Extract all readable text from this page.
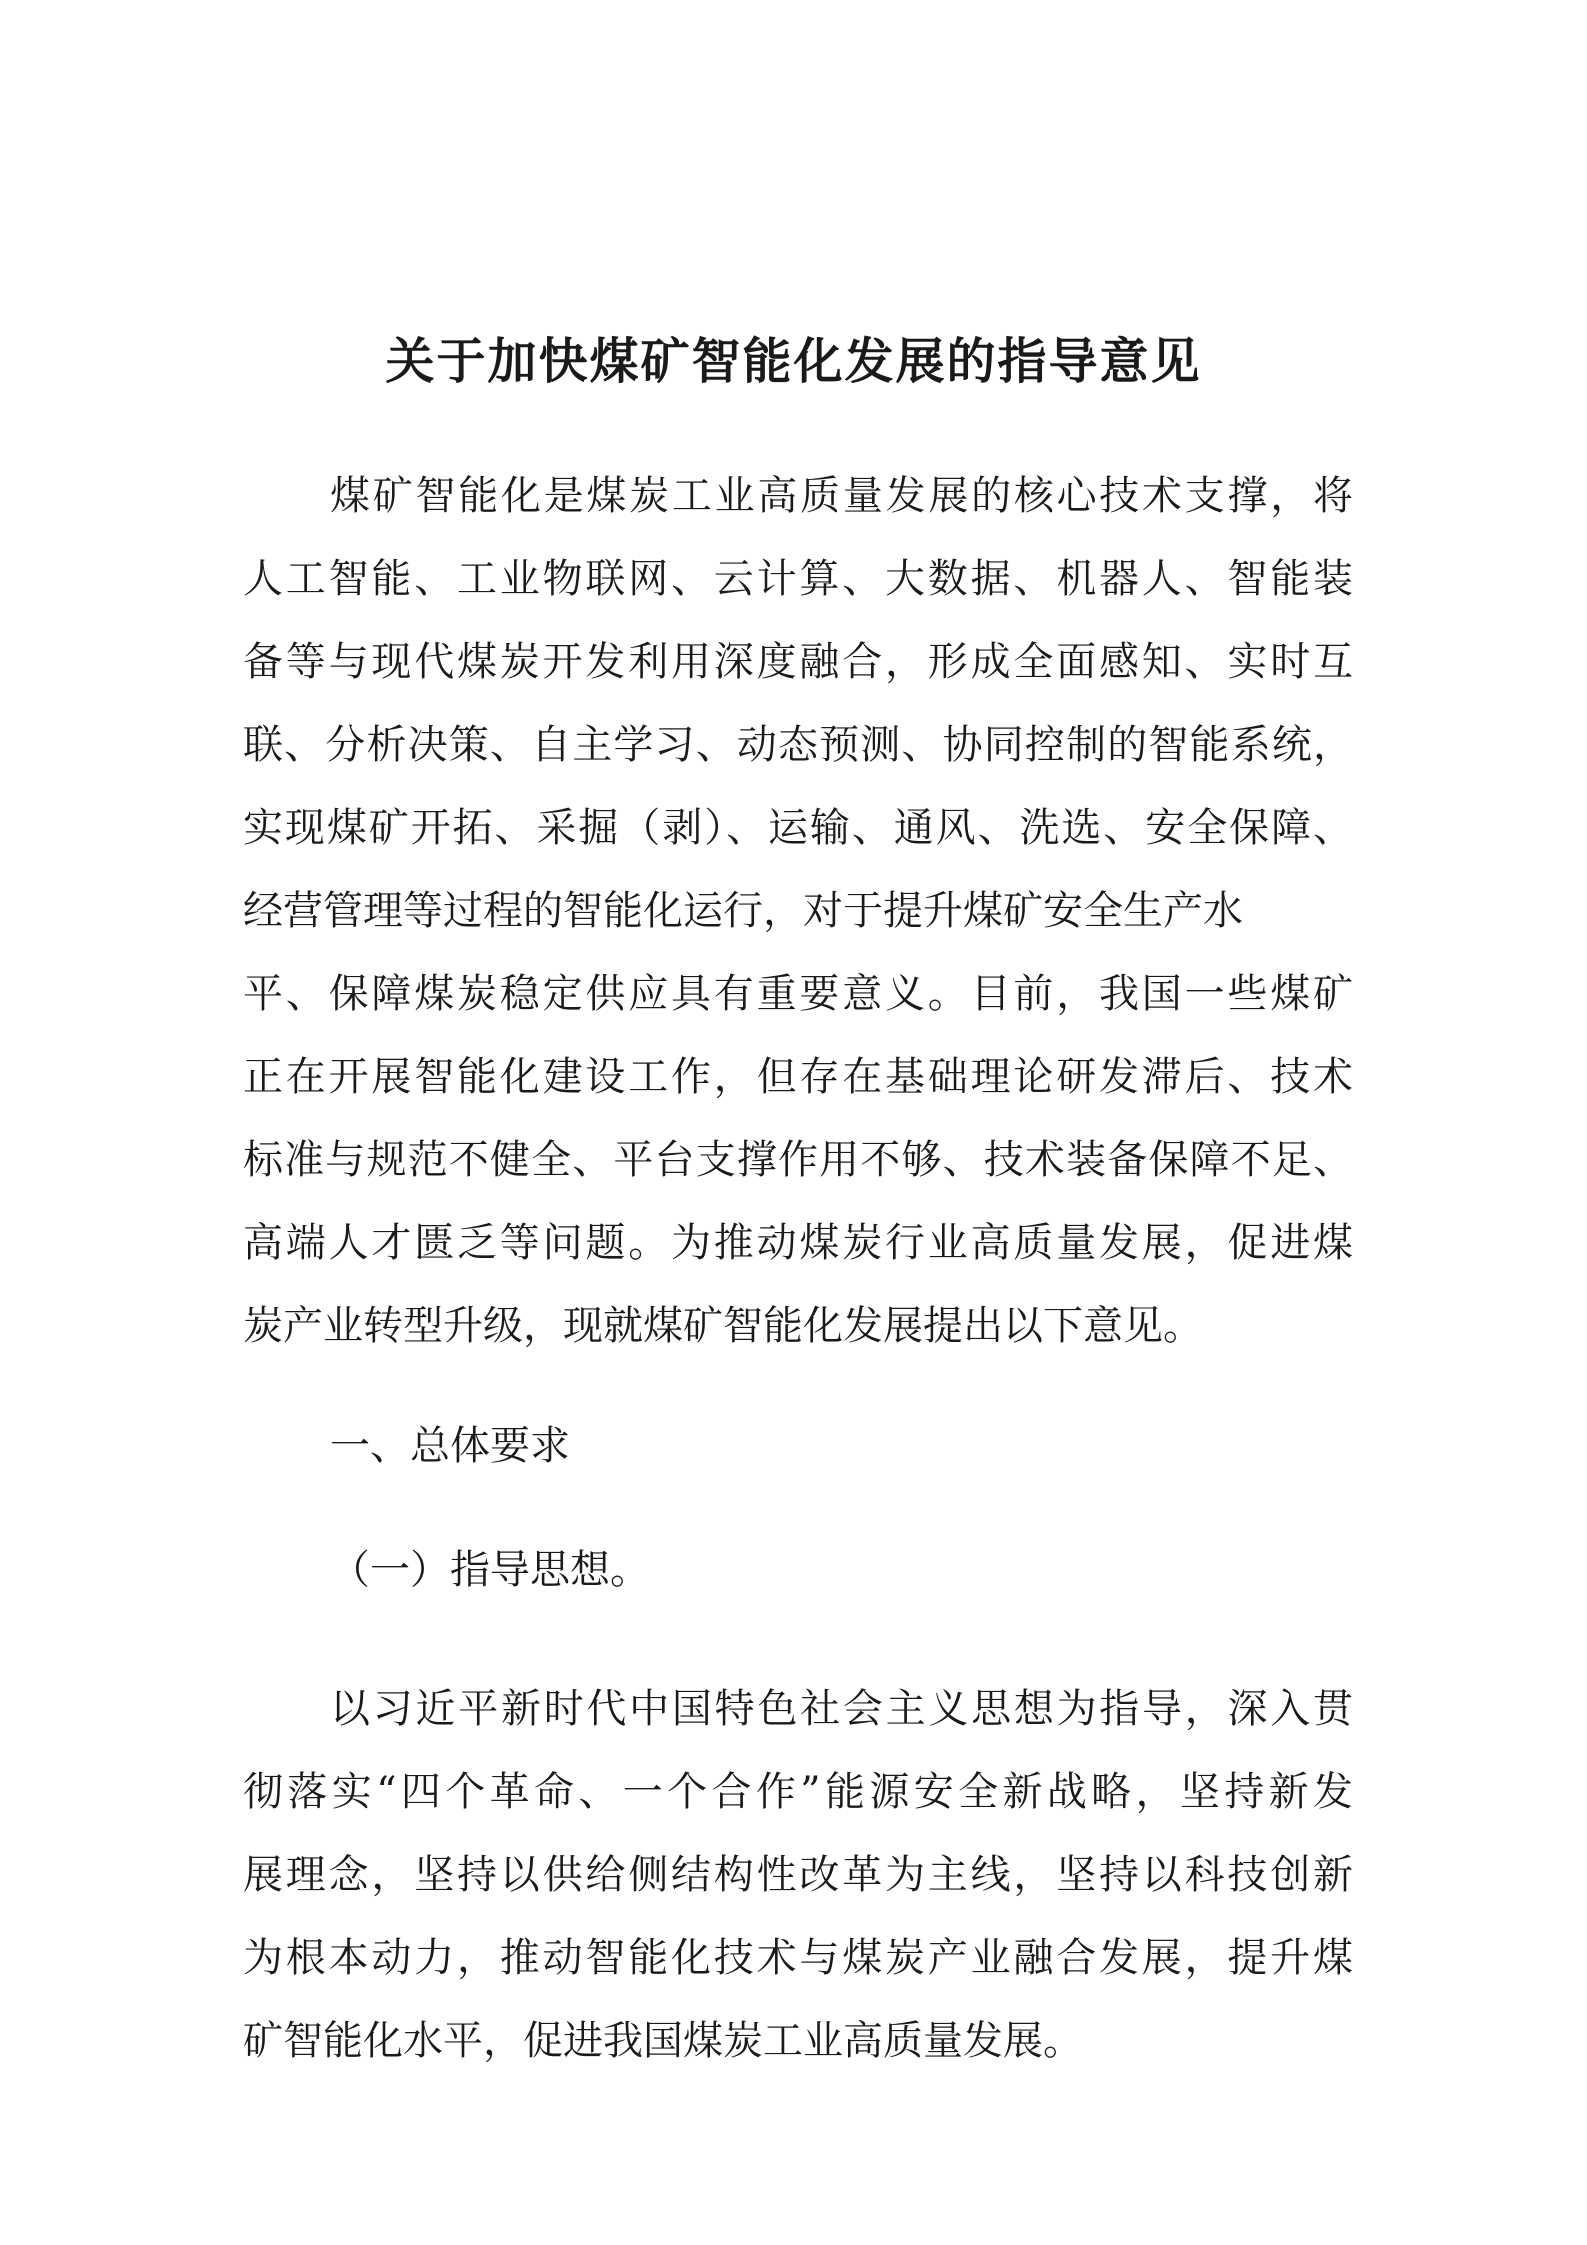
关于加快煤矿智能化发展的指导意见
煤矿智能化是煤炭工业高质量发展的核心技术支撑，将
人工智能、工业物联网、云计算、大数据、机器人、智能装
备等与现代煤炭开发利用深度融合，形成全面感知、实时互
联、分析决策、自主学习、动态预测、协同控制的智能系统，
实现煤矿开拓、采掘（剥）、运输、通风、洗选、安全保障、
经营管理等过程的智能化运行，对于提升煤矿安全生产水
平、保障煤炭稳定供应具有重要意义。目前，我国一些煤矿
正在开展智能化建设工作，但存在基础理论研发滞后、技术
标准与规范不健全、平台支撑作用不够、技术装备保障不足、
高端人才匮乏等问题。为推动煤炭行业高质量发展，促进煤
炭产业转型升级，现就煤矿智能化发展提出以下意见。
一、总体要求
（一）指导思想。
以习近平新时代中国特色社会主义思想为指导，深入贯
彻落实“四个革命、一个合作”能源安全新战略，坚持新发
展理念，坚持以供给侧结构性改革为主线，坚持以科技创新
为根本动力，推动智能化技术与煤炭产业融合发展，提升煤
矿智能化水平，促进我国煤炭工业高质量发展。
